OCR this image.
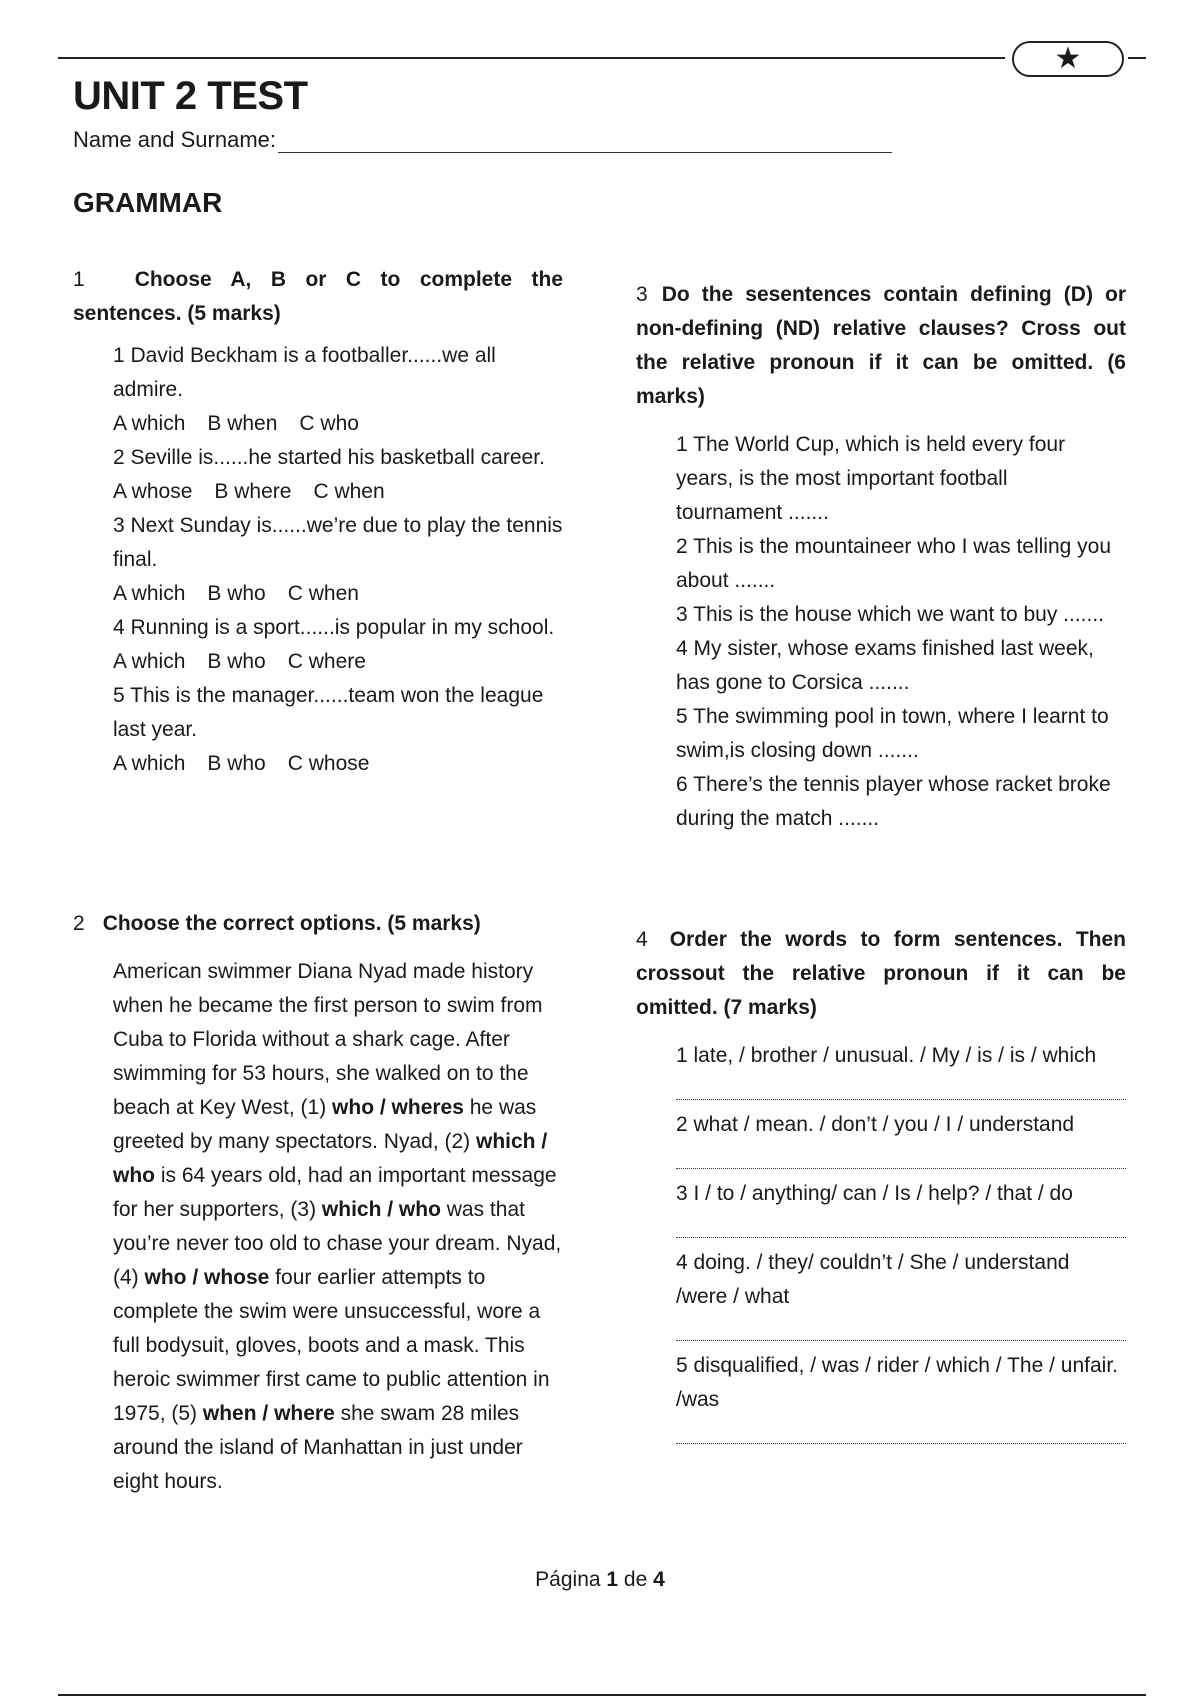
★
UNIT 2 TEST
Name and Surname:
GRAMMAR
1 Choose A, B or C to complete the sentences. (5 marks)

1 David Beckham is a footballer......we all admire.

A which B when C who

2 Seville is......he started his basketball career.

A whose B where C when

3 Next Sunday is......we’re due to play the tennis final.

A which B who C when

4 Running is a sport......is popular in my school.

A which B who C where

5 This is the manager......team won the league last year.

A which B who C whose

2 Choose the correct options. (5 marks)

American swimmer Diana Nyad made history when he became the first person to swim from Cuba to Florida without a shark cage. After swimming for 53 hours, she walked on to the beach at Key West, (1) who / wheres he was greeted by many spectators. Nyad, (2) which / who is 64 years old, had an important message for her supporters, (3) which / who was that you’re never too old to chase your dream. Nyad, (4) who / whose four earlier attempts to complete the swim were unsuccessful, wore a full bodysuit, gloves, boots and a mask. This heroic swimmer first came to public attention in 1975, (5) when / where she swam 28 miles around the island of Manhattan in just under eight hours.

3 Do the sesentences contain defining (D) or non-defining (ND) relative clauses? Cross out the relative pronoun if it can be omitted. (6 marks)

1 The World Cup, which is held every four years, is the most important football tournament .......

2 This is the mountaineer who I was telling you about .......

3 This is the house which we want to buy .......

4 My sister, whose exams finished last week, has gone to Corsica .......

5 The swimming pool in town, where I learnt to swim,is closing down .......

6 There’s the tennis player whose racket broke during the match .......

4 Order the words to form sentences. Then crossout the relative pronoun if it can be omitted. (7 marks)

1 late, / brother / unusual. / My / is / is / which

2 what / mean. / don’t / you / I / understand

3 I / to / anything/ can / Is / help? / that / do

4 doing. / they/ couldn’t / She / understand /were / what

5 disqualified, / was / rider / which / The / unfair. /was

Página 1 de 4
